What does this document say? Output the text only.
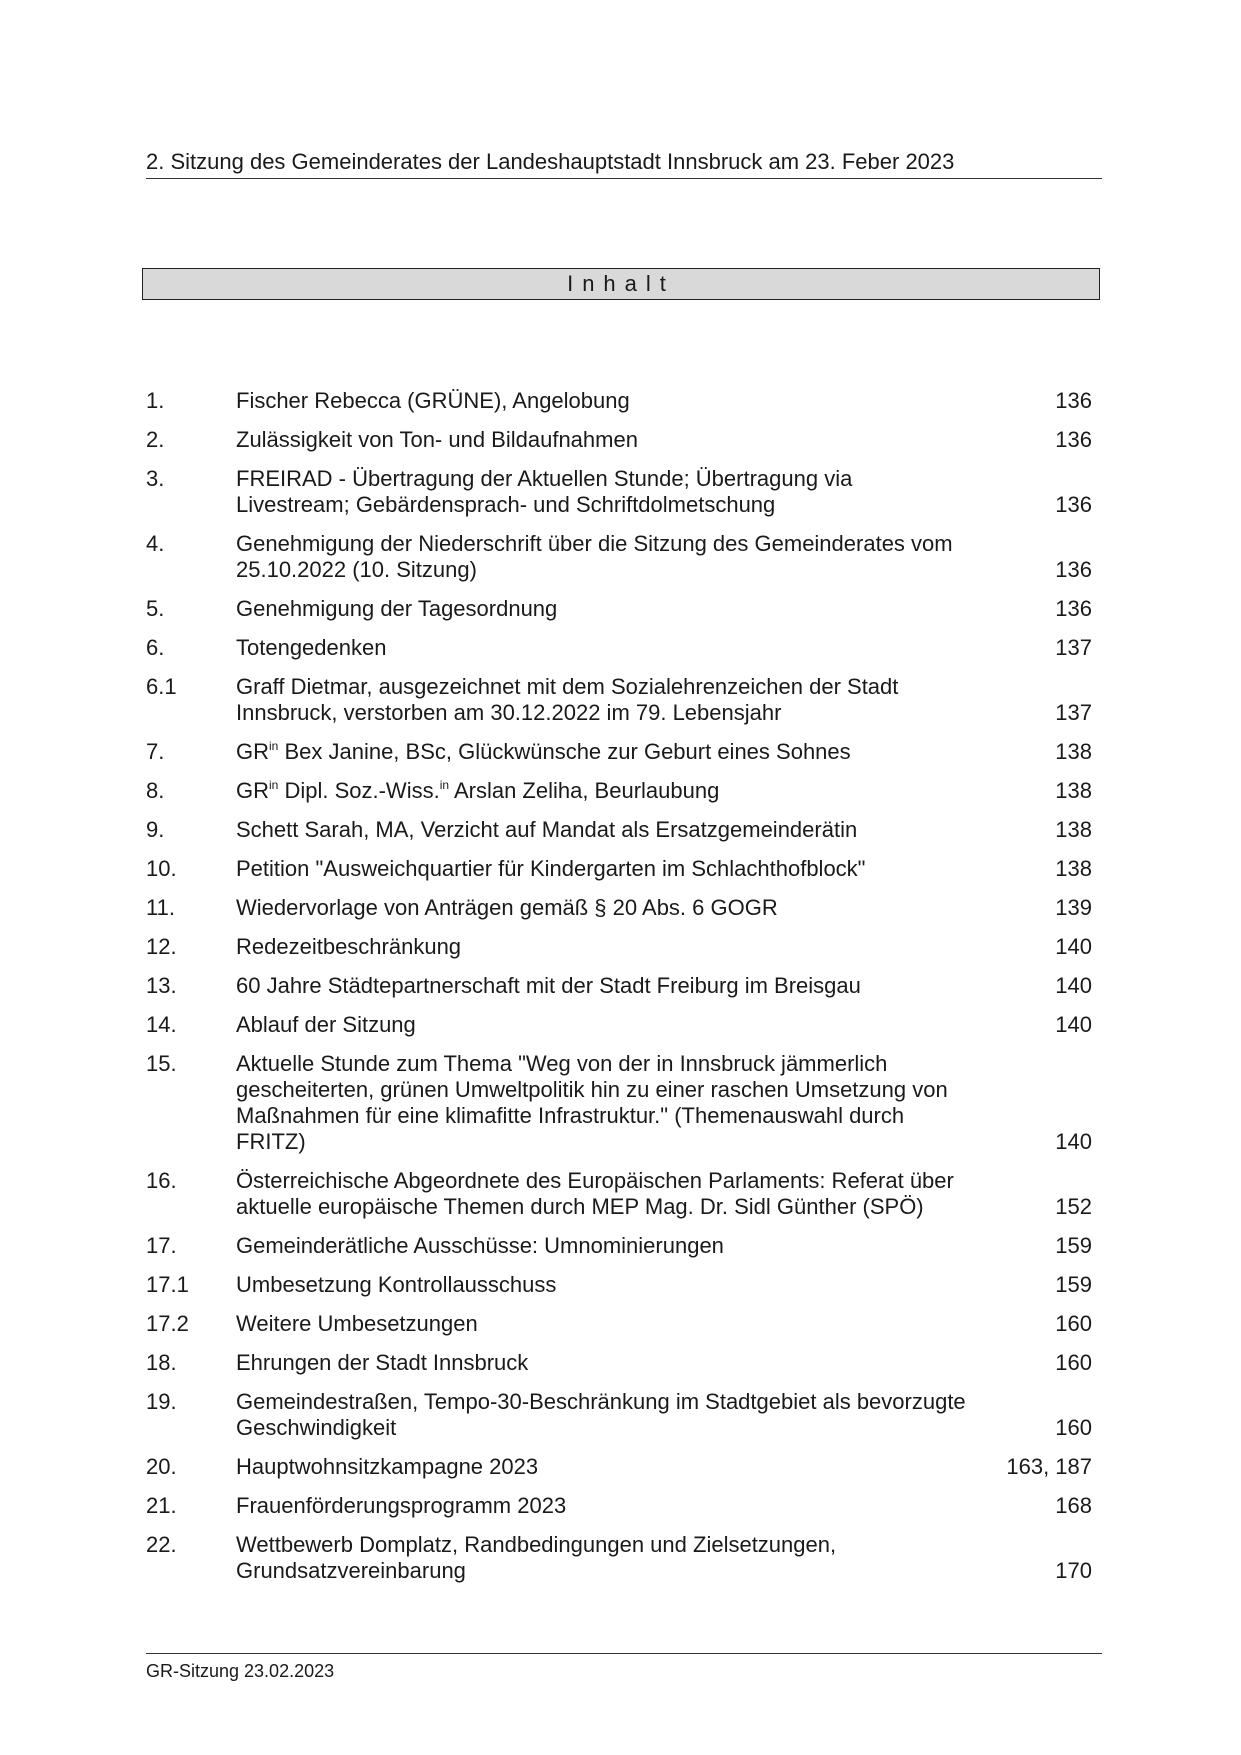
2. Sitzung des Gemeinderates der Landeshauptstadt Innsbruck am 23. Feber 2023
Inhalt
1.	Fischer Rebecca (GRÜNE), Angelobung	136
2.	Zulässigkeit von Ton- und Bildaufnahmen	136
3.	FREIRAD - Übertragung der Aktuellen Stunde; Übertragung via
Livestream; Gebärdensprach- und Schriftdolmetschung	136
4.	Genehmigung der Niederschrift über die Sitzung des Gemeinderates vom
25.10.2022 (10. Sitzung)	136
5.	Genehmigung der Tagesordnung	136
6.	Totengedenken	137
6.1	Graff Dietmar, ausgezeichnet mit dem Sozialehrenzeichen der Stadt
Innsbruck, verstorben am 30.12.2022 im 79. Lebensjahr	137
7.	$GR^{in}$ Bex Janine, BSc, Glückwünsche zur Geburt eines Sohnes	138
8.	$GR^{in}$ Dipl. Soz.-Wiss.$^{in}$ Arslan Zeliha, Beurlaubung	138
9.	Schett Sarah, MA, Verzicht auf Mandat als Ersatzgemeinderätin	138
10.	Petition "Ausweichquartier für Kindergarten im Schlachthofblock"	138
11.	Wiedervorlage von Anträgen gemäß § 20 Abs. 6 GOGR	139
12.	Redezeitbeschränkung	140
13.	60 Jahre Städtepartnerschaft mit der Stadt Freiburg im Breisgau	140
14.	Ablauf der Sitzung	140
15.	Aktuelle Stunde zum Thema "Weg von der in Innsbruck jämmerlich
gescheiterten, grünen Umweltpolitik hin zu einer raschen Umsetzung von
Maßnahmen für eine klimafitte Infrastruktur." (Themenauswahl durch
FRITZ)	140
16.	Österreichische Abgeordnete des Europäischen Parlaments: Referat über
aktuelle europäische Themen durch MEP Mag. Dr. Sidl Günther (SPÖ)	152
17.	Gemeinderätliche Ausschüsse: Umnominierungen	159
17.1	Umbesetzung Kontrollausschuss	159
17.2	Weitere Umbesetzungen	160
18.	Ehrungen der Stadt Innsbruck	160
19.	Gemeindestraßen, Tempo-30-Beschränkung im Stadtgebiet als bevorzugte
Geschwindigkeit	160
20.	Hauptwohnsitzkampagne 2023	163, 187
21.	Frauenförderungsprogramm 2023	168
22.	Wettbewerb Domplatz, Randbedingungen und Zielsetzungen,
Grundsatzvereinbarung	170
GR-Sitzung 23.02.2023
